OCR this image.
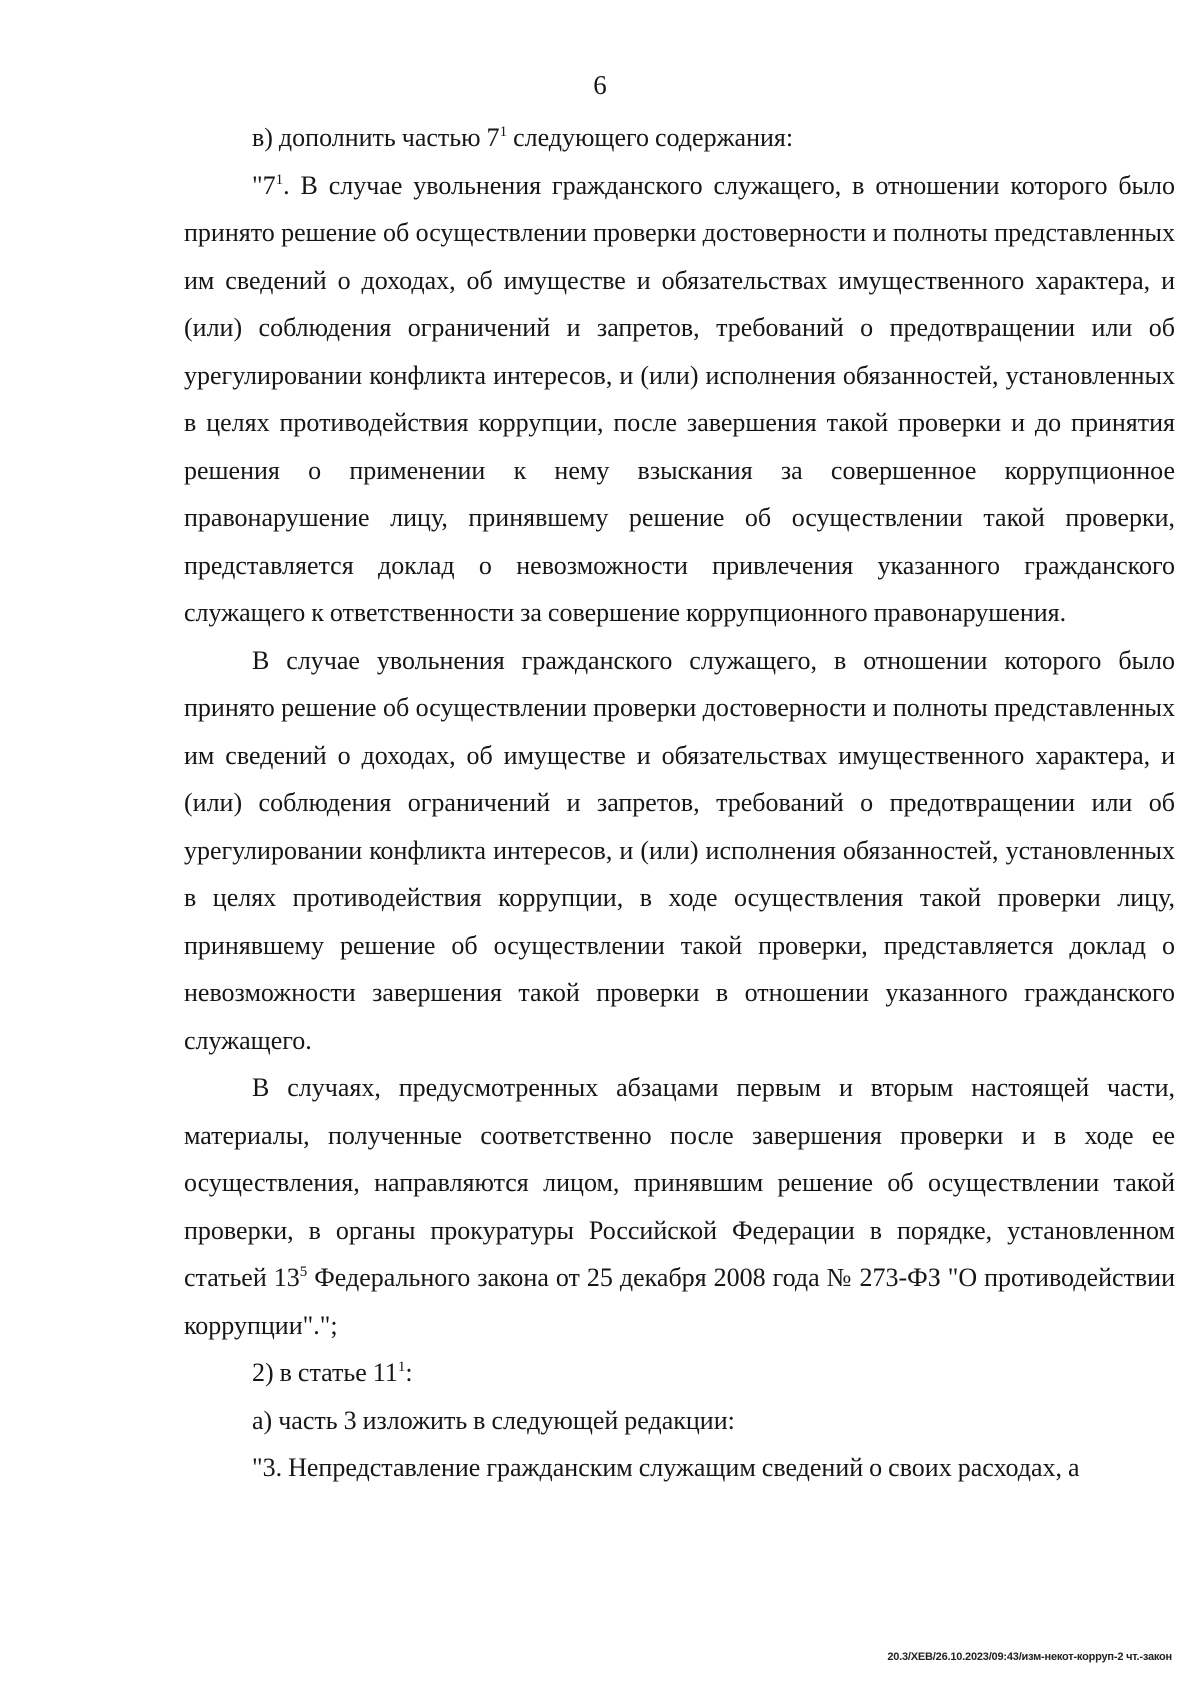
6

в) дополнить частью $7^1$ следующего содержания:

"$7^1$. В случае увольнения гражданского служащего, в отношении которого было принято решение об осуществлении проверки достоверности и полноты представленных им сведений о доходах, об имуществе и обязательствах имущественного характера, и (или) соблюдения ограничений и запретов, требований о предотвращении или об урегулировании конфликта интересов, и (или) исполнения обязанностей, установленных в целях противодействия коррупции, после завершения такой проверки и до принятия решения о применении к нему взыскания за совершенное коррупционное правонарушение лицу, принявшему решение об осуществлении такой проверки, представляется доклад о невозможности привлечения указанного гражданского служащего к ответственности за совершение коррупционного правонарушения.

В случае увольнения гражданского служащего, в отношении которого было принято решение об осуществлении проверки достоверности и полноты представленных им сведений о доходах, об имуществе и обязательствах имущественного характера, и (или) соблюдения ограничений и запретов, требований о предотвращении или об урегулировании конфликта интересов, и (или) исполнения обязанностей, установленных в целях противодействия коррупции, в ходе осуществления такой проверки лицу, принявшему решение об осуществлении такой проверки, представляется доклад о невозможности завершения такой проверки в отношении указанного гражданского служащего.

В случаях, предусмотренных абзацами первым и вторым настоящей части, материалы, полученные соответственно после завершения проверки и в ходе ее осуществления, направляются лицом, принявшим решение об осуществлении такой проверки, в органы прокуратуры Российской Федерации в порядке, установленном статьей $13^5$ Федерального закона от 25 декабря 2008 года № 273-ФЗ "О противодействии коррупции".";

2) в статье $11^1$:

а) часть 3 изложить в следующей редакции:

"3. Непредставление гражданским служащим сведений о своих расходах, а

20.3/ХЕВ/26.10.2023/09:43/изм-некот-корруп-2 чт.-закон
